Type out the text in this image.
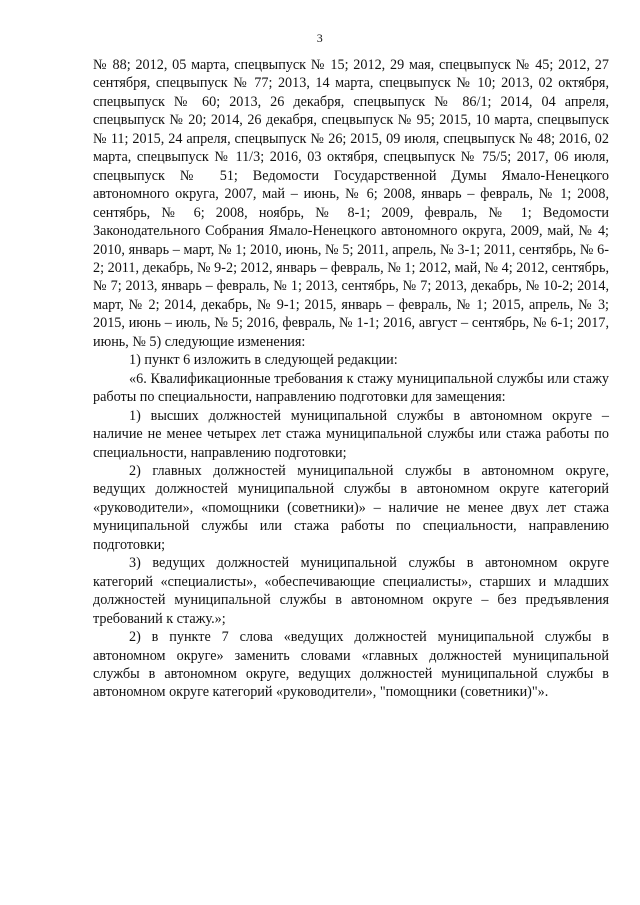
3

№ 88; 2012, 05 марта, спецвыпуск № 15; 2012, 29 мая, спецвыпуск № 45; 2012, 27 сентября, спецвыпуск № 77; 2013, 14 марта, спецвыпуск № 10; 2013, 02 октября, спецвыпуск № 60; 2013, 26 декабря, спецвыпуск № 86/1; 2014, 04 апреля, спецвыпуск № 20; 2014, 26 декабря, спецвыпуск № 95; 2015, 10 марта, спецвыпуск № 11; 2015, 24 апреля, спецвыпуск № 26; 2015, 09 июля, спецвыпуск № 48; 2016, 02 марта, спецвыпуск № 11/3; 2016, 03 октября, спецвыпуск № 75/5; 2017, 06 июля, спецвыпуск № 51; Ведомости Государственной Думы Ямало-Ненецкого автономного округа, 2007, май – июнь, № 6; 2008, январь – февраль, № 1; 2008, сентябрь, № 6; 2008, ноябрь, № 8-1; 2009, февраль, № 1; Ведомости Законодательного Собрания Ямало-Ненецкого автономного округа, 2009, май, № 4; 2010, январь – март, № 1; 2010, июнь, № 5; 2011, апрель, № 3-1; 2011, сентябрь, № 6-2; 2011, декабрь, № 9-2; 2012, январь – февраль, № 1; 2012, май, № 4; 2012, сентябрь, № 7; 2013, январь – февраль, № 1; 2013, сентябрь, № 7; 2013, декабрь, № 10-2; 2014, март, № 2; 2014, декабрь, № 9-1; 2015, январь – февраль, № 1; 2015, апрель, № 3; 2015, июнь – июль, № 5; 2016, февраль, № 1-1; 2016, август – сентябрь, № 6-1; 2017, июнь, № 5) следующие изменения:

1) пункт 6 изложить в следующей редакции:

«6. Квалификационные требования к стажу муниципальной службы или стажу работы по специальности, направлению подготовки для замещения:

1) высших должностей муниципальной службы в автономном округе – наличие не менее четырех лет стажа муниципальной службы или стажа работы по специальности, направлению подготовки;

2) главных должностей муниципальной службы в автономном округе, ведущих должностей муниципальной службы в автономном округе категорий «руководители», «помощники (советники)» – наличие не менее двух лет стажа муниципальной службы или стажа работы по специальности, направлению подготовки;

3) ведущих должностей муниципальной службы в автономном округе категорий «специалисты», «обеспечивающие специалисты», старших и младших должностей муниципальной службы в автономном округе – без предъявления требований к стажу.»;

2) в пункте 7 слова «ведущих должностей муниципальной службы в автономном округе» заменить словами «главных должностей муниципальной службы в автономном округе, ведущих должностей муниципальной службы в автономном округе категорий «руководители», "помощники (советники)"».
